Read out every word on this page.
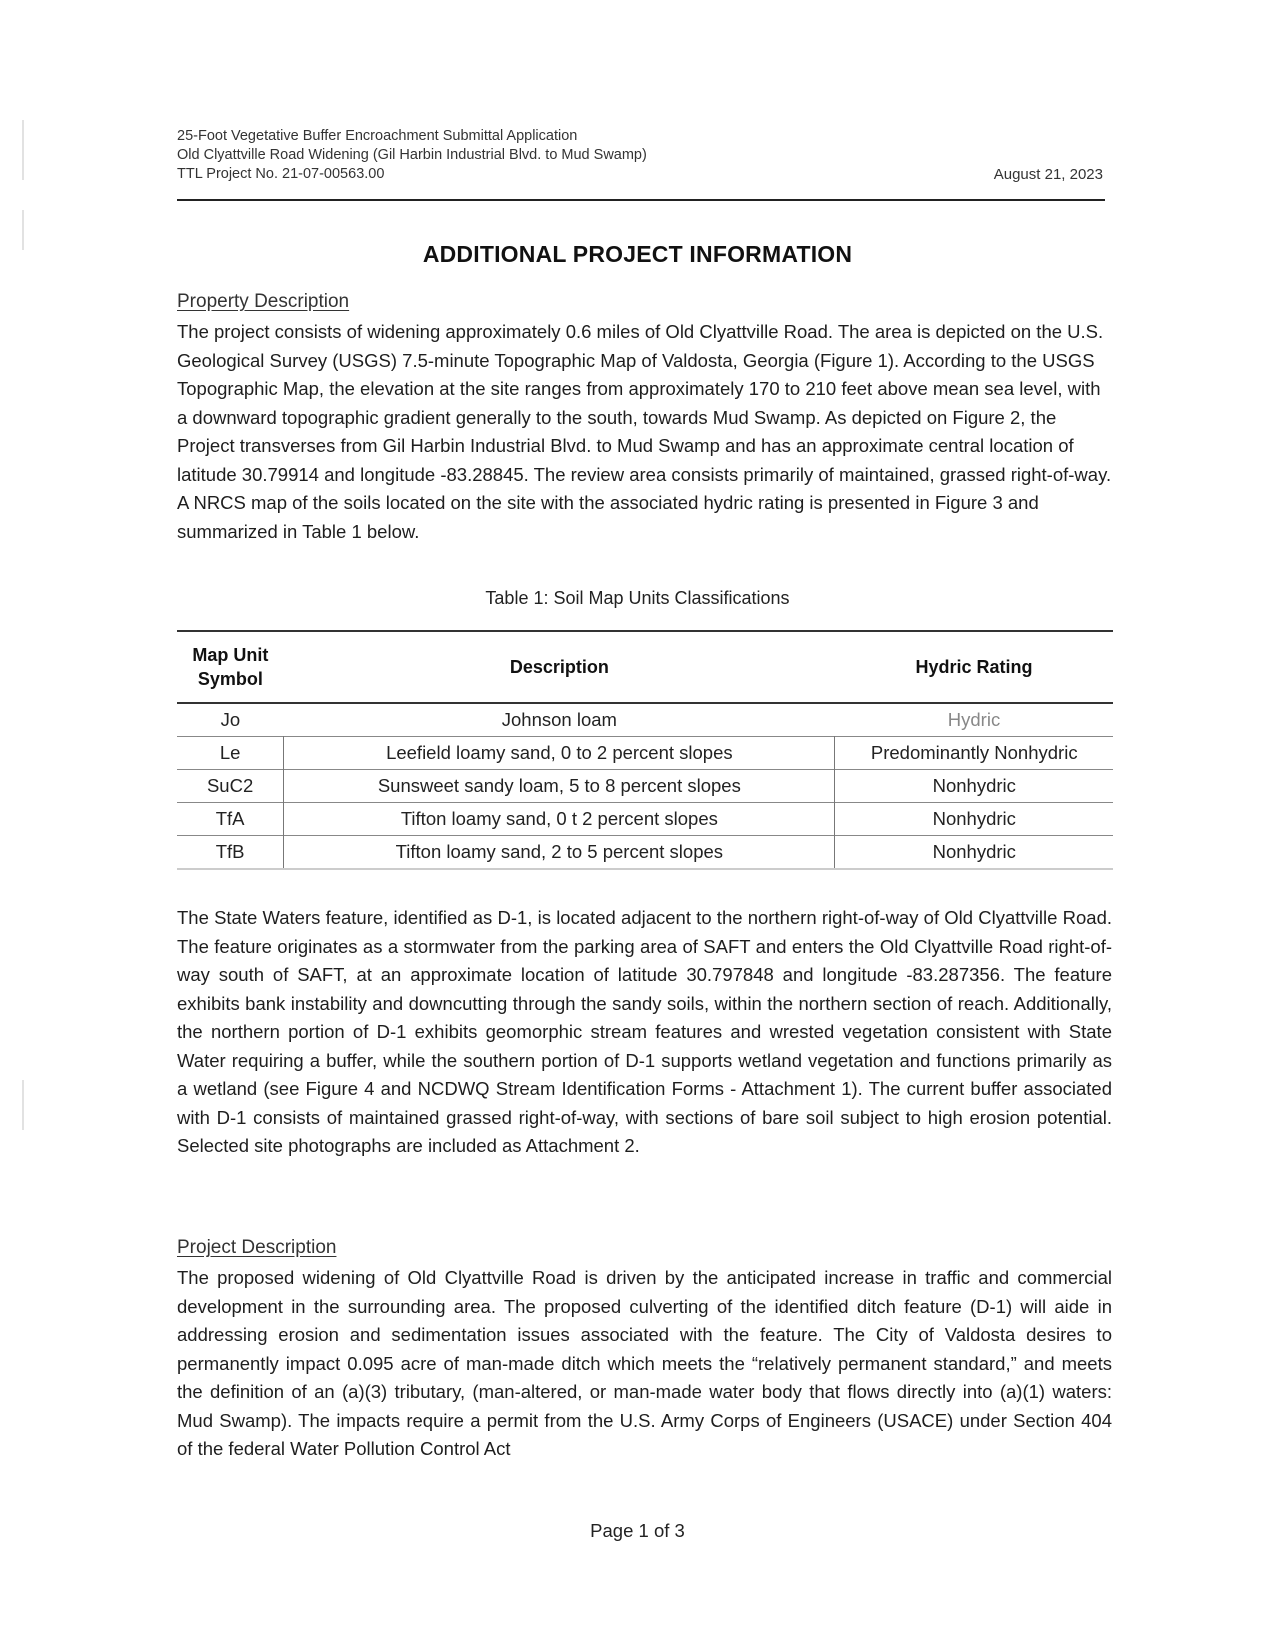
25-Foot Vegetative Buffer Encroachment Submittal Application
Old Clyattville Road Widening (Gil Harbin Industrial Blvd. to Mud Swamp)
TTL Project No. 21-07-00563.00	August 21, 2023
ADDITIONAL PROJECT INFORMATION
Property Description

The project consists of widening approximately 0.6 miles of Old Clyattville Road. The area is depicted on the U.S. Geological Survey (USGS) 7.5-minute Topographic Map of Valdosta, Georgia (Figure 1). According to the USGS Topographic Map, the elevation at the site ranges from approximately 170 to 210 feet above mean sea level, with a downward topographic gradient generally to the south, towards Mud Swamp. As depicted on Figure 2, the Project transverses from Gil Harbin Industrial Blvd. to Mud Swamp and has an approximate central location of latitude 30.79914 and longitude -83.28845. The review area consists primarily of maintained, grassed right-of-way. A NRCS map of the soils located on the site with the associated hydric rating is presented in Figure 3 and summarized in Table 1 below.

Table 1: Soil Map Units Classifications
Map Unit
Symbol	Description	Hydric Rating
Jo	Johnson loam	Hydric
Le	Leefield loamy sand, 0 to 2 percent slopes	Predominantly Nonhydric
SuC2	Sunsweet sandy loam, 5 to 8 percent slopes	Nonhydric
TfA	Tifton loamy sand, 0 t 2 percent slopes	Nonhydric
TfB	Tifton loamy sand, 2 to 5 percent slopes	Nonhydric

The State Waters feature, identified as D-1, is located adjacent to the northern right-of-way of Old Clyattville Road. The feature originates as a stormwater from the parking area of SAFT and enters the Old Clyattville Road right-of-way south of SAFT, at an approximate location of latitude 30.797848 and longitude -83.287356. The feature exhibits bank instability and downcutting through the sandy soils, within the northern section of reach. Additionally, the northern portion of D-1 exhibits geomorphic stream features and wrested vegetation consistent with State Water requiring a buffer, while the southern portion of D-1 supports wetland vegetation and functions primarily as a wetland (see Figure 4 and NCDWQ Stream Identification Forms - Attachment 1). The current buffer associated with D-1 consists of maintained grassed right-of-way, with sections of bare soil subject to high erosion potential. Selected site photographs are included as Attachment 2.

Project Description

The proposed widening of Old Clyattville Road is driven by the anticipated increase in traffic and commercial development in the surrounding area. The proposed culverting of the identified ditch feature (D-1) will aide in addressing erosion and sedimentation issues associated with the feature. The City of Valdosta desires to permanently impact 0.095 acre of man-made ditch which meets the “relatively permanent standard,” and meets the definition of an (a)(3) tributary, (man-altered, or man-made water body that flows directly into (a)(1) waters: Mud Swamp). The impacts require a permit from the U.S. Army Corps of Engineers (USACE) under Section 404 of the federal Water Pollution Control Act

Page 1 of 3
